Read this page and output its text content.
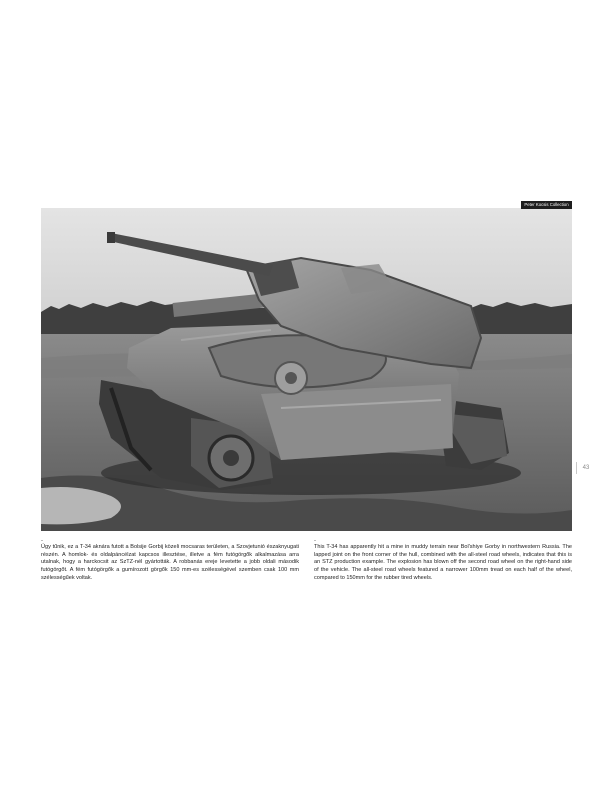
Peter Kocsis Collection
43
-
Úgy tűnik, ez a T-34 aknára futott a Bolsije Gorbij közeli mocsaras területen, a Szovjetunió északnyugati részén. A homlok- és oldalpáncélzat kapcsos illesztése, illetve a fém futógörgők alkalmazása arra utalnak, hogy a harckocsit az SzTZ-nél gyártották. A robbanás ereje levetette a jobb oldali második futógörgőt. A fém futógörgők a gumírozott görgők 150 mm-es szélességével szemben csak 100 mm szélességűek voltak.
-
This T-34 has apparently hit a mine in muddy terrain near Bol'shiye Gorby in northwestern Russia. The lapped joint on the front corner of the hull, combined with the all-steel road wheels, indicates that this is an STZ production example. The explosion has blown off the second road wheel on the right-hand side of the vehicle. The all-steel road wheels featured a narrower 100mm tread on each half of the wheel, compared to 150mm for the rubber tired wheels.
